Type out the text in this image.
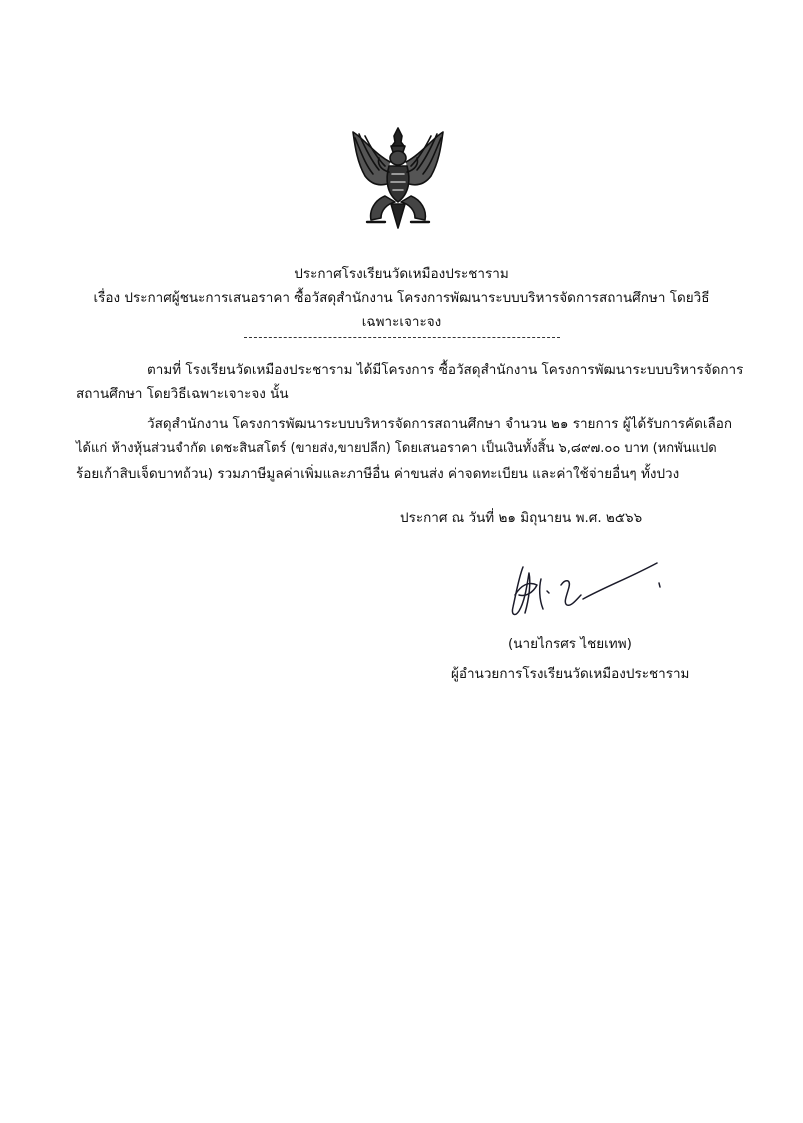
ประกาศโรงเรียนวัดเหมืองประชาราม
เรื่อง ประกาศผู้ชนะการเสนอราคา ซื้อวัสดุสำนักงาน โครงการพัฒนาระบบบริหารจัดการสถานศึกษา โดยวิธี
เฉพาะเจาะจง
ตามที่ โรงเรียนวัดเหมืองประชาราม ได้มีโครงการ ซื้อวัสดุสำนักงาน โครงการพัฒนาระบบบริหารจัดการ
สถานศึกษา โดยวิธีเฉพาะเจาะจง นั้น
วัสดุสำนักงาน โครงการพัฒนาระบบบริหารจัดการสถานศึกษา จำนวน ๒๑ รายการ ผู้ได้รับการคัดเลือก
ได้แก่ ห้างหุ้นส่วนจำกัด เดชะสินสโตร์ (ขายส่ง,ขายปลีก) โดยเสนอราคา เป็นเงินทั้งสิ้น ๖,๘๙๗.๐๐ บาท (หกพันแปด
ร้อยเก้าสิบเจ็ดบาทถ้วน) รวมภาษีมูลค่าเพิ่มและภาษีอื่น ค่าขนส่ง ค่าจดทะเบียน และค่าใช้จ่ายอื่นๆ ทั้งปวง
ประกาศ ณ วันที่ ๒๑ มิถุนายน พ.ศ. ๒๕๖๖
(นายไกรศร ไชยเทพ)
ผู้อำนวยการโรงเรียนวัดเหมืองประชาราม
